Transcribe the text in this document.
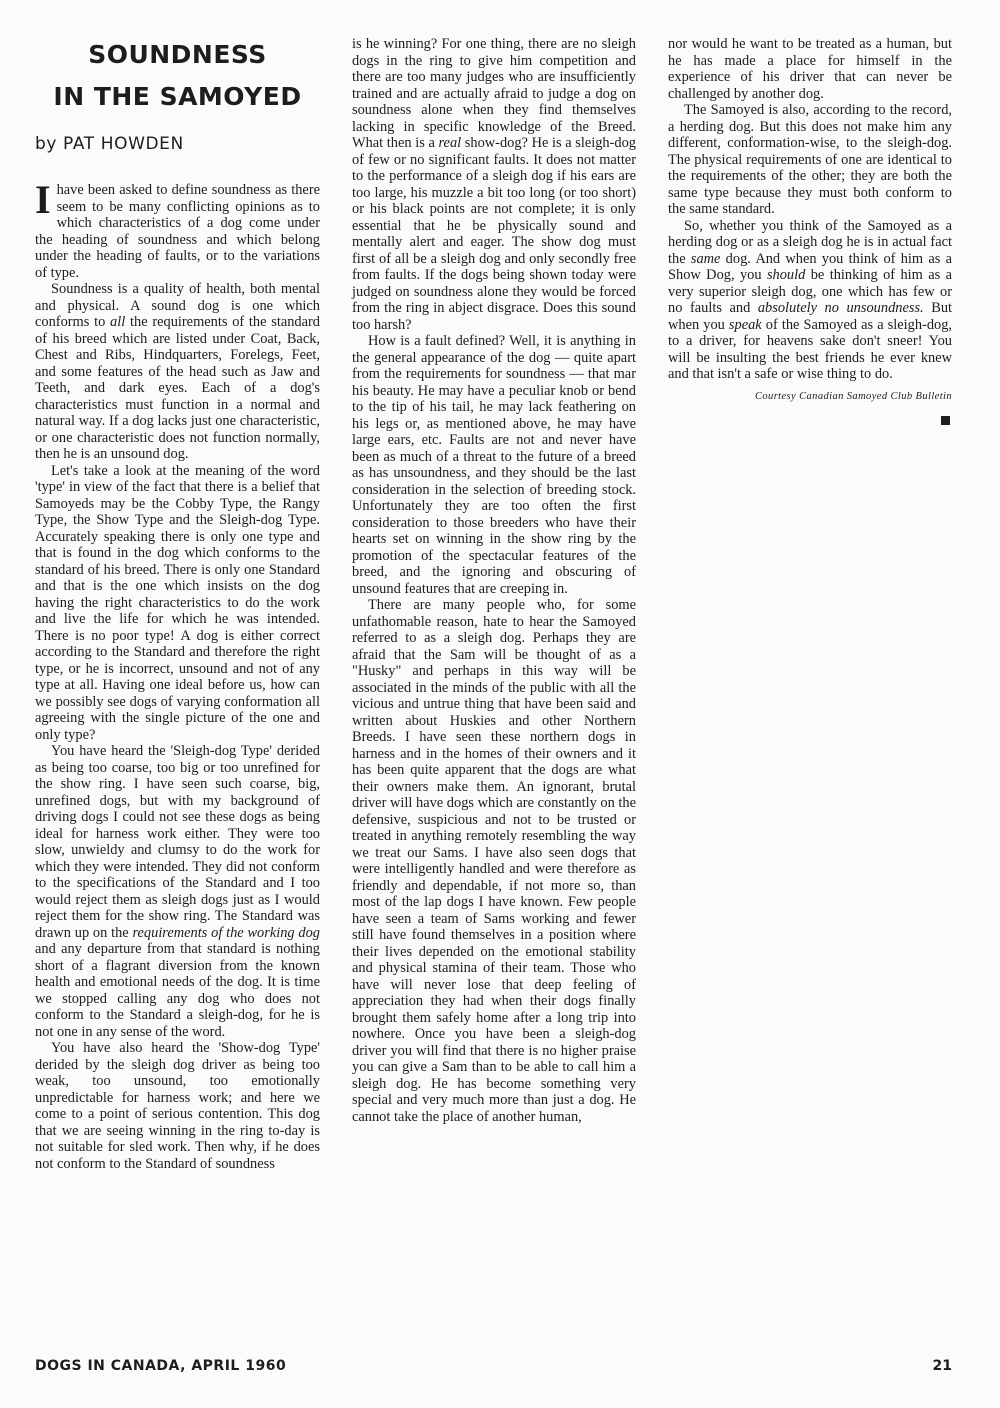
SOUNDNESS
IN THE SAMOYED
by PAT HOWDEN

Ihave been asked to define soundness as there seem to be many conflicting opinions as to which characteristics of a dog come under the heading of soundness and which belong under the heading of faults, or to the variations of type.

Soundness is a quality of health, both mental and physical. A sound dog is one which conforms to all the requirements of the standard of his breed which are listed under Coat, Back, Chest and Ribs, Hindquarters, Forelegs, Feet, and some features of the head such as Jaw and Teeth, and dark eyes. Each of a dog's characteristics must function in a normal and natural way. If a dog lacks just one characteristic, or one characteristic does not function normally, then he is an unsound dog.

Let's take a look at the meaning of the word 'type' in view of the fact that there is a belief that Samoyeds may be the Cobby Type, the Rangy Type, the Show Type and the Sleigh-dog Type. Accurately speaking there is only one type and that is found in the dog which conforms to the standard of his breed. There is only one Standard and that is the one which insists on the dog having the right characteristics to do the work and live the life for which he was intended. There is no poor type! A dog is either correct according to the Standard and therefore the right type, or he is incorrect, unsound and not of any type at all. Having one ideal before us, how can we possibly see dogs of varying conformation all agreeing with the single picture of the one and only type?

You have heard the 'Sleigh-dog Type' derided as being too coarse, too big or too unrefined for the show ring. I have seen such coarse, big, unrefined dogs, but with my background of driving dogs I could not see these dogs as being ideal for harness work either. They were too slow, unwieldy and clumsy to do the work for which they were intended. They did not conform to the specifications of the Standard and I too would reject them as sleigh dogs just as I would reject them for the show ring. The Standard was drawn up on the requirements of the working dog and any departure from that standard is nothing short of a flagrant diversion from the known health and emotional needs of the dog. It is time we stopped calling any dog who does not conform to the Standard a sleigh-dog, for he is not one in any sense of the word.

You have also heard the 'Show-dog Type' derided by the sleigh dog driver as being too weak, too unsound, too emotionally unpredictable for harness work; and here we come to a point of serious contention. This dog that we are seeing winning in the ring to-day is not suitable for sled work. Then why, if he does not conform to the Standard of soundness

is he winning? For one thing, there are no sleigh dogs in the ring to give him competition and there are too many judges who are insufficiently trained and are actually afraid to judge a dog on soundness alone when they find themselves lacking in specific knowledge of the Breed. What then is a real show-dog? He is a sleigh-dog of few or no significant faults. It does not matter to the performance of a sleigh dog if his ears are too large, his muzzle a bit too long (or too short) or his black points are not complete; it is only essential that he be physically sound and mentally alert and eager. The show dog must first of all be a sleigh dog and only secondly free from faults. If the dogs being shown today were judged on soundness alone they would be forced from the ring in abject disgrace. Does this sound too harsh?

How is a fault defined? Well, it is anything in the general appearance of the dog — quite apart from the requirements for soundness — that mar his beauty. He may have a peculiar knob or bend to the tip of his tail, he may lack feathering on his legs or, as mentioned above, he may have large ears, etc. Faults are not and never have been as much of a threat to the future of a breed as has unsoundness, and they should be the last consideration in the selection of breeding stock. Unfortunately they are too often the first consideration to those breeders who have their hearts set on winning in the show ring by the promotion of the spectacular features of the breed, and the ignoring and obscuring of unsound features that are creeping in.

There are many people who, for some unfathomable reason, hate to hear the Samoyed referred to as a sleigh dog. Perhaps they are afraid that the Sam will be thought of as a "Husky" and perhaps in this way will be associated in the minds of the public with all the vicious and untrue thing that have been said and written about Huskies and other Northern Breeds. I have seen these northern dogs in harness and in the homes of their owners and it has been quite apparent that the dogs are what their owners make them. An ignorant, brutal driver will have dogs which are constantly on the defensive, suspicious and not to be trusted or treated in anything remotely resembling the way we treat our Sams. I have also seen dogs that were intelligently handled and were therefore as friendly and dependable, if not more so, than most of the lap dogs I have known. Few people have seen a team of Sams working and fewer still have found themselves in a position where their lives depended on the emotional stability and physical stamina of their team. Those who have will never lose that deep feeling of appreciation they had when their dogs finally brought them safely home after a long trip into nowhere. Once you have been a sleigh-dog driver you will find that there is no higher praise you can give a Sam than to be able to call him a sleigh dog. He has become something very special and very much more than just a dog. He cannot take the place of another human,

nor would he want to be treated as a human, but he has made a place for himself in the experience of his driver that can never be challenged by another dog.

The Samoyed is also, according to the record, a herding dog. But this does not make him any different, conformation-wise, to the sleigh-dog. The physical requirements of one are identical to the requirements of the other; they are both the same type because they must both conform to the same standard.

So, whether you think of the Samoyed as a herding dog or as a sleigh dog he is in actual fact the same dog. And when you think of him as a Show Dog, you should be thinking of him as a very superior sleigh dog, one which has few or no faults and absolutely no unsoundness. But when you speak of the Samoyed as a sleigh-dog, to a driver, for heavens sake don't sneer! You will be insulting the best friends he ever knew and that isn't a safe or wise thing to do.

Courtesy Canadian Samoyed Club Bulletin
DOGS IN CANADA, APRIL 1960	21
